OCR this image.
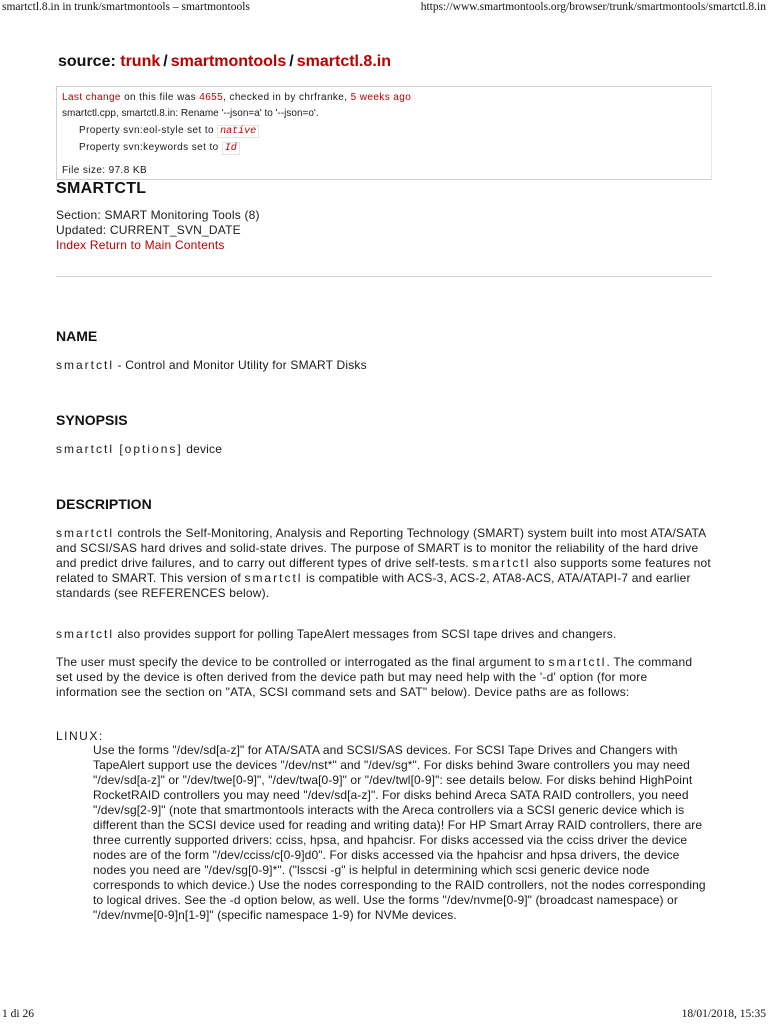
smartctl.8.in in trunk/smartmontools – smartmontools	https://www.smartmontools.org/browser/trunk/smartmontools/smartctl.8.in
source: trunk / smartmontools / smartctl.8.in
Last change on this file was 4655, checked in by chrfranke, 5 weeks ago
smartctl.cpp, smartctl.8.in: Rename '--json=a' to '--json=o'.
Property svn:eol-style set to native
Property svn:keywords set to Id
File size: 97.8 KB
SMARTCTL
Section: SMART Monitoring Tools (8)
Updated: CURRENT_SVN_DATE
Index Return to Main Contents
NAME
smartctl - Control and Monitor Utility for SMART Disks
SYNOPSIS
smartctl [options] device
DESCRIPTION
smartctl controls the Self-Monitoring, Analysis and Reporting Technology (SMART) system built into most ATA/SATA and SCSI/SAS hard drives and solid-state drives. The purpose of SMART is to monitor the reliability of the hard drive and predict drive failures, and to carry out different types of drive self-tests. smartctl also supports some features not related to SMART. This version of smartctl is compatible with ACS-3, ACS-2, ATA8-ACS, ATA/ATAPI-7 and earlier standards (see REFERENCES below).
smartctl also provides support for polling TapeAlert messages from SCSI tape drives and changers.
The user must specify the device to be controlled or interrogated as the final argument to smartctl. The command set used by the device is often derived from the device path but may need help with the '-d' option (for more information see the section on "ATA, SCSI command sets and SAT" below). Device paths are as follows:
LINUX:
Use the forms "/dev/sd[a-z]" for ATA/SATA and SCSI/SAS devices. For SCSI Tape Drives and Changers with TapeAlert support use the devices "/dev/nst*" and "/dev/sg*". For disks behind 3ware controllers you may need "/dev/sd[a-z]" or "/dev/twe[0-9]", "/dev/twa[0-9]" or "/dev/twl[0-9]": see details below. For disks behind HighPoint RocketRAID controllers you may need "/dev/sd[a-z]". For disks behind Areca SATA RAID controllers, you need "/dev/sg[2-9]" (note that smartmontools interacts with the Areca controllers via a SCSI generic device which is different than the SCSI device used for reading and writing data)! For HP Smart Array RAID controllers, there are three currently supported drivers: cciss, hpsa, and hpahcisr. For disks accessed via the cciss driver the device nodes are of the form "/dev/cciss/c[0-9]d0". For disks accessed via the hpahcisr and hpsa drivers, the device nodes you need are "/dev/sg[0-9]*". ("lsscsi -g" is helpful in determining which scsi generic device node corresponds to which device.) Use the nodes corresponding to the RAID controllers, not the nodes corresponding to logical drives. See the -d option below, as well. Use the forms "/dev/nvme[0-9]" (broadcast namespace) or "/dev/nvme[0-9]n[1-9]" (specific namespace 1-9) for NVMe devices.
1 di 26	18/01/2018, 15:35
